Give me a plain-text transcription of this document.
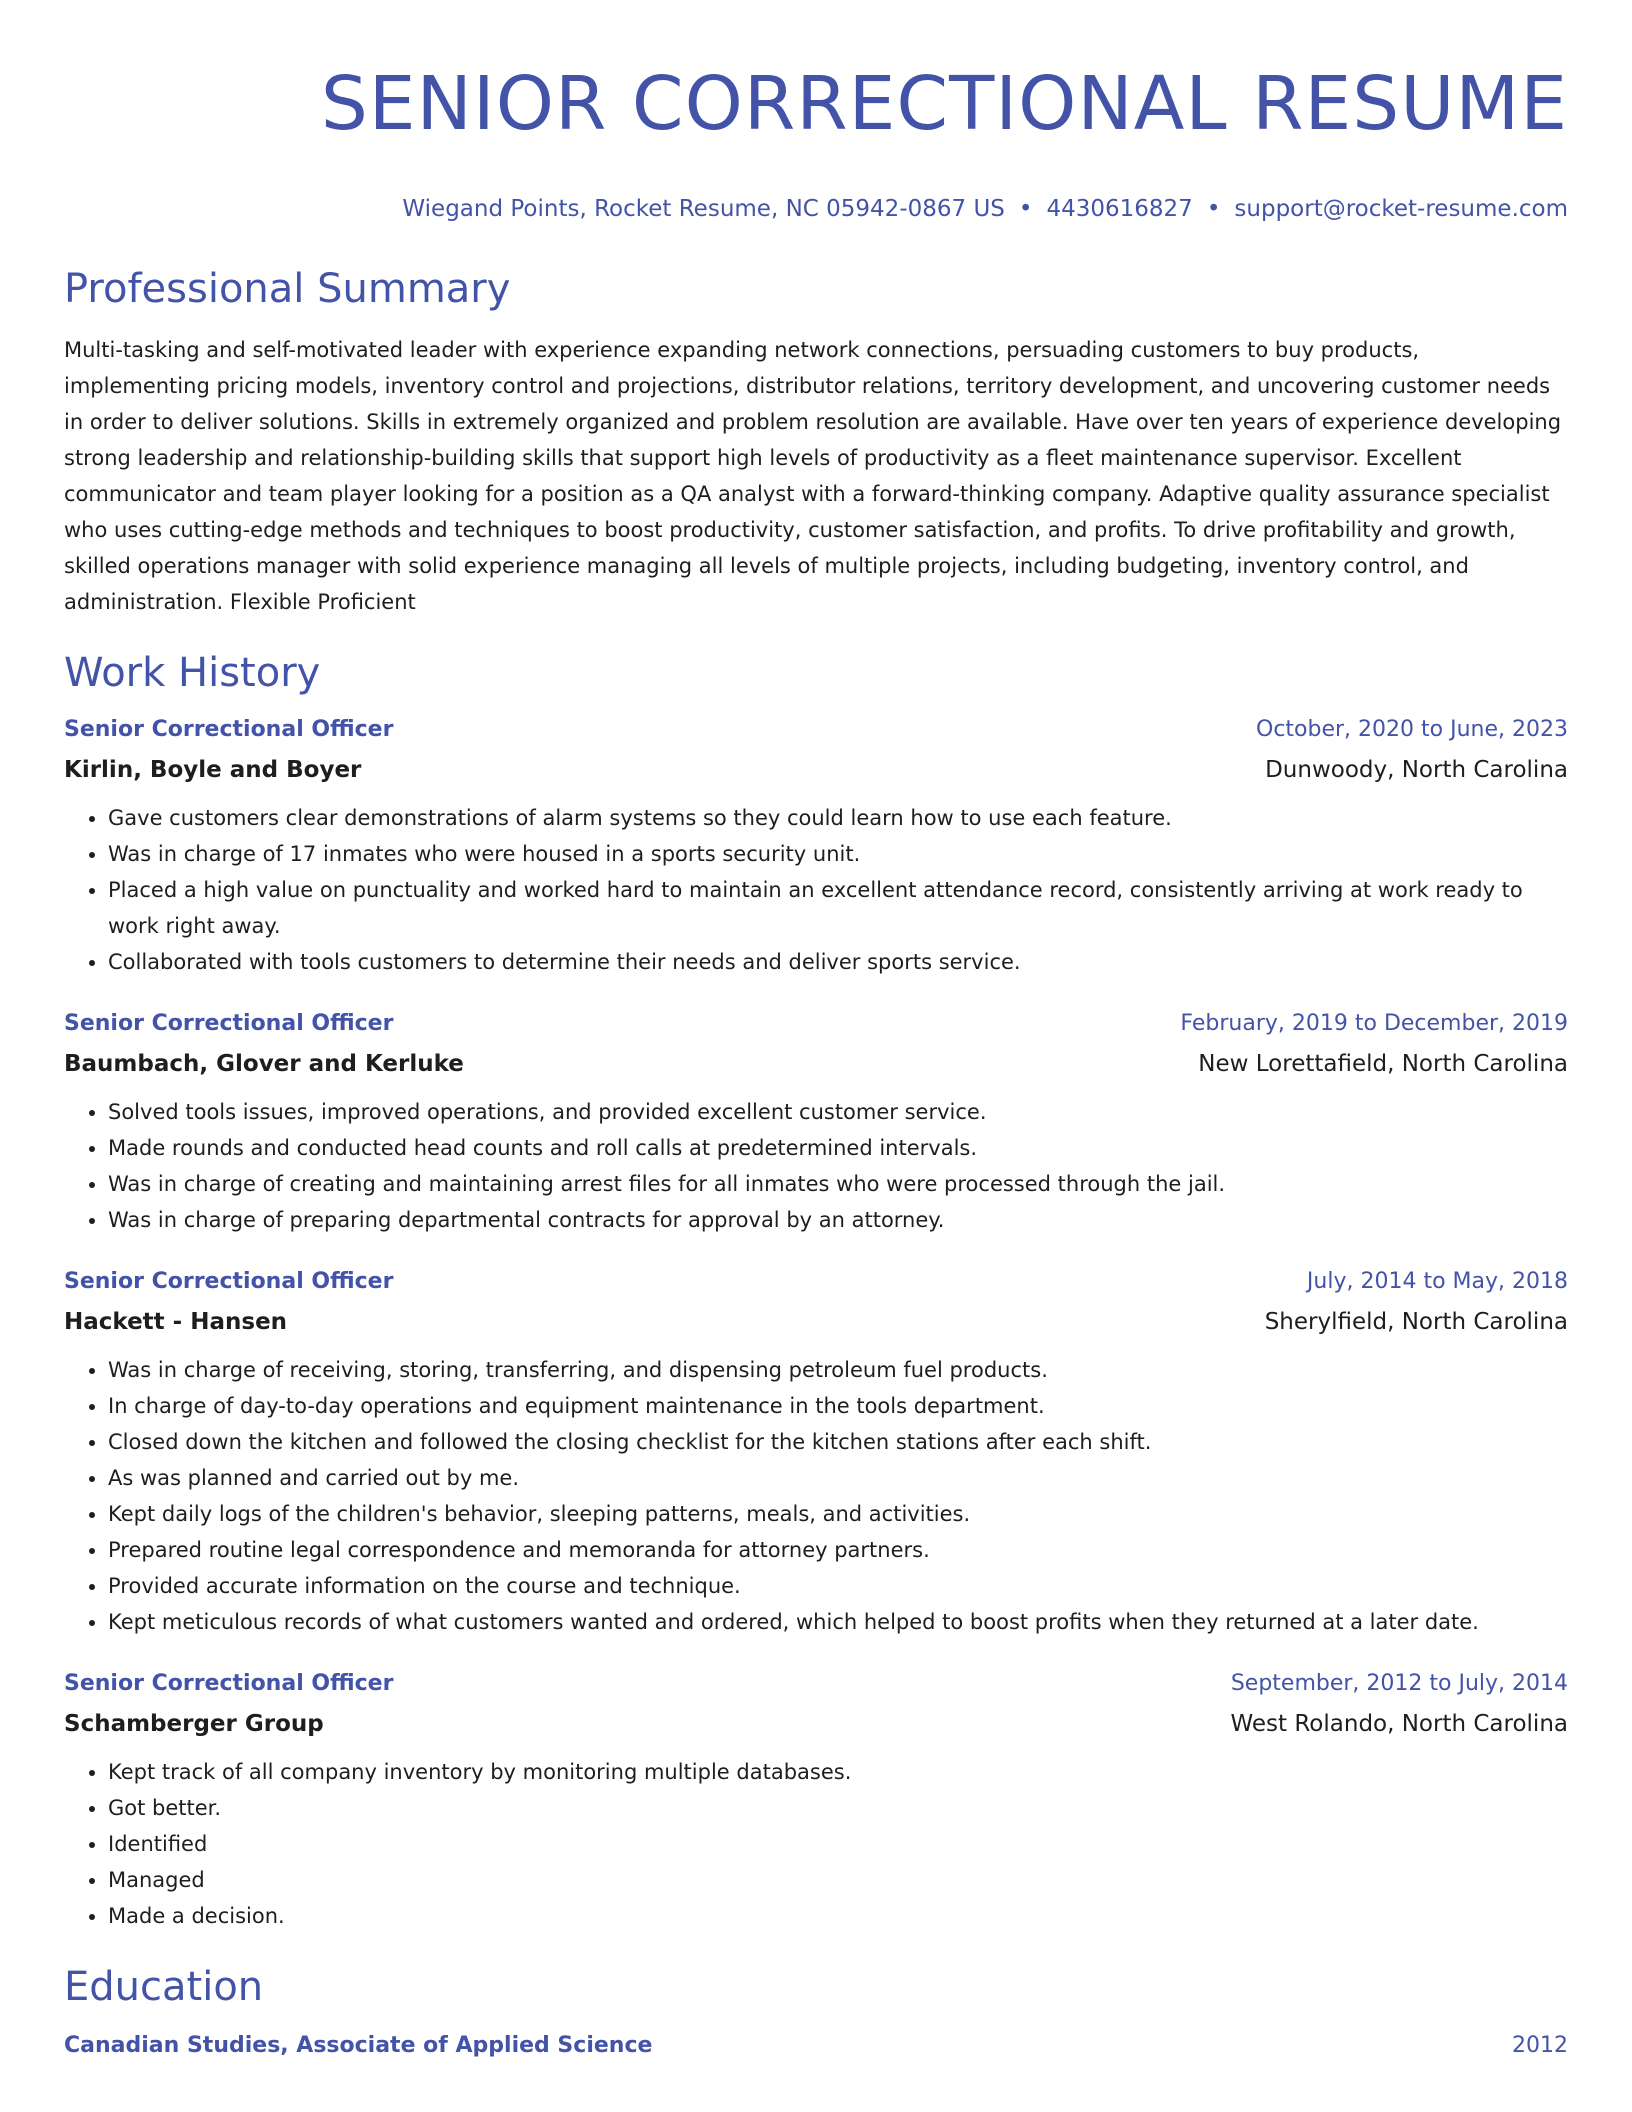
SENIOR CORRECTIONAL RESUME
Wiegand Points, Rocket Resume, NC 05942-0867 US • 4430616827 • support@rocket-resume.com
Professional Summary
Multi-tasking and self-motivated leader with experience expanding network connections, persuading customers to buy products, implementing pricing models, inventory control and projections, distributor relations, territory development, and uncovering customer needs in order to deliver solutions. Skills in extremely organized and problem resolution are available. Have over ten years of experience developing strong leadership and relationship-building skills that support high levels of productivity as a fleet maintenance supervisor. Excellent communicator and team player looking for a position as a QA analyst with a forward-thinking company. Adaptive quality assurance specialist who uses cutting-edge methods and techniques to boost productivity, customer satisfaction, and profits. To drive profitability and growth, skilled operations manager with solid experience managing all levels of multiple projects, including budgeting, inventory control, and administration. Flexible Proficient
Work History
Senior Correctional Officer	October, 2020 to June, 2023
Kirlin, Boyle and Boyer	Dunwoody, North Carolina
• Gave customers clear demonstrations of alarm systems so they could learn how to use each feature.
• Was in charge of 17 inmates who were housed in a sports security unit.
• Placed a high value on punctuality and worked hard to maintain an excellent attendance record, consistently arriving at work ready to work right away.
• Collaborated with tools customers to determine their needs and deliver sports service.
Senior Correctional Officer	February, 2019 to December, 2019
Baumbach, Glover and Kerluke	New Lorettafield, North Carolina
• Solved tools issues, improved operations, and provided excellent customer service.
• Made rounds and conducted head counts and roll calls at predetermined intervals.
• Was in charge of creating and maintaining arrest files for all inmates who were processed through the jail.
• Was in charge of preparing departmental contracts for approval by an attorney.
Senior Correctional Officer	July, 2014 to May, 2018
Hackett - Hansen	Sherylfield, North Carolina
• Was in charge of receiving, storing, transferring, and dispensing petroleum fuel products.
• In charge of day-to-day operations and equipment maintenance in the tools department.
• Closed down the kitchen and followed the closing checklist for the kitchen stations after each shift.
• As was planned and carried out by me.
• Kept daily logs of the children's behavior, sleeping patterns, meals, and activities.
• Prepared routine legal correspondence and memoranda for attorney partners.
• Provided accurate information on the course and technique.
• Kept meticulous records of what customers wanted and ordered, which helped to boost profits when they returned at a later date.
Senior Correctional Officer	September, 2012 to July, 2014
Schamberger Group	West Rolando, North Carolina
• Kept track of all company inventory by monitoring multiple databases.
• Got better.
• Identified
• Managed
• Made a decision.
Education
Canadian Studies, Associate of Applied Science	2012
